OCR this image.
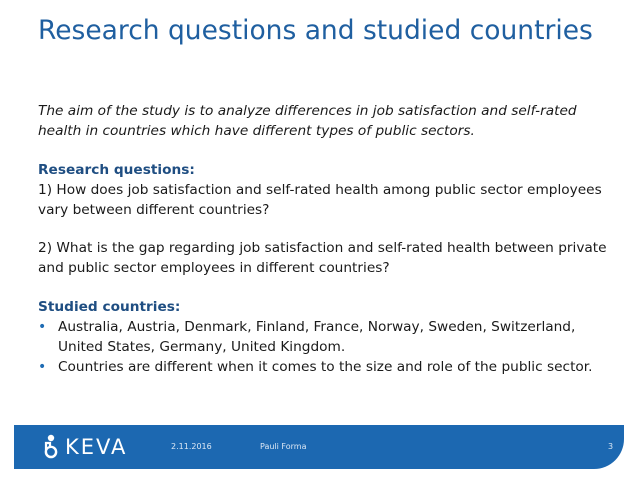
Research questions and studied countries

The aim of the study is to analyze differences in job satisfaction and self-rated health in countries which have different types of public sectors.

Research questions:

1) How does job satisfaction and self-rated health among public sector employees vary between different countries?

2) What is the gap regarding job satisfaction and self-rated health between private and public sector employees in different countries?

Studied countries:

• Australia, Austria, Denmark, Finland, France, Norway, Sweden, Switzerland, United States, Germany, United Kingdom.
• Countries are different when it comes to the size and role of the public sector.
KEVA	2.11.2016	Pauli Forma	3
